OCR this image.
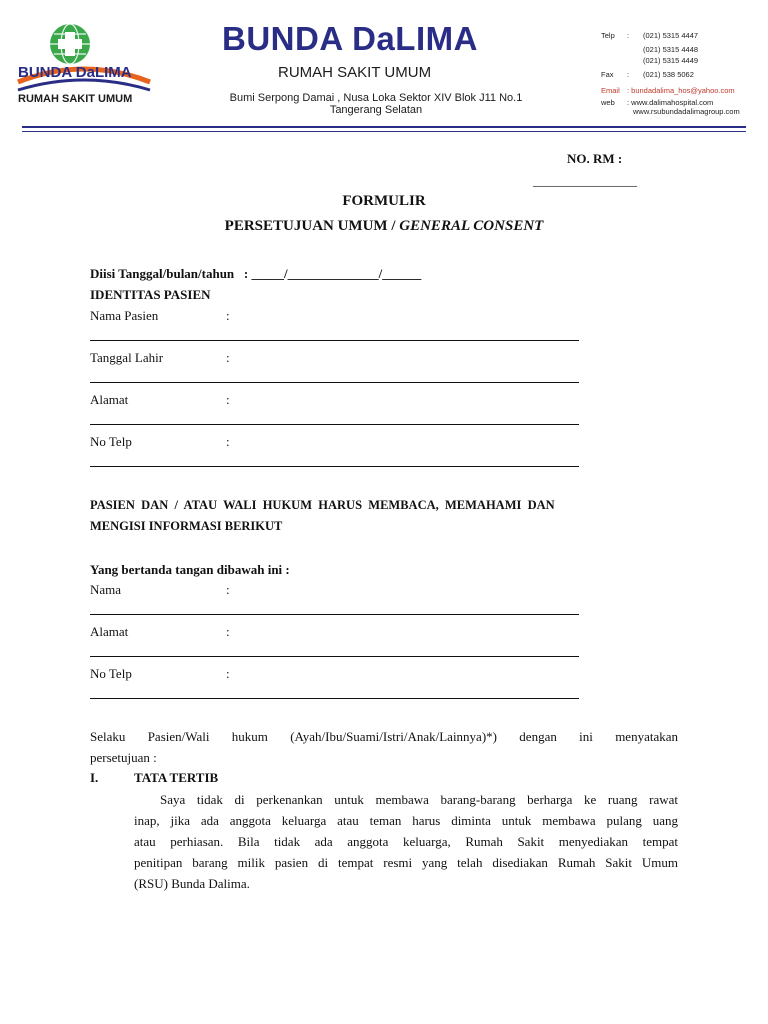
BUNDA DaLIMA
RUMAH SAKIT UMUM
BUNDA DaLIMA
RUMAH SAKIT UMUM
Bumi Serpong Damai , Nusa Loka Sektor XIV Blok J11 No.1
Tangerang Selatan
Telp : (021) 5315 4447
(021) 5315 4448
(021) 5315 4449
Fax : (021) 538 5062
Email : bundadalima_hos@yahoo.com
web : www.dalimahospital.com
www.rsubundadalimagroup.com
NO. RM :
________________
FORMULIR
PERSETUJUAN UMUM / GENERAL CONSENT
Diisi Tanggal/bulan/tahun   : _____/______________/______
IDENTITAS PASIEN
Nama Pasien	:
Tanggal Lahir	:
Alamat	:
No Telp	:
PASIEN  DAN  /  ATAU  WALI  HUKUM  HARUS  MEMBACA,  MEMAHAMI  DAN
MENGISI INFORMASI BERIKUT
Yang bertanda tangan dibawah ini :
Nama	:
Alamat	:
No Telp	:
Selaku Pasien/Wali hukum (Ayah/Ibu/Suami/Istri/Anak/Lainnya)*) dengan ini menyatakan
persetujuan :
I.	TATA TERTIB
Saya tidak di perkenankan untuk membawa barang-barang berharga ke ruang rawat
inap, jika ada anggota keluarga atau teman harus diminta untuk membawa pulang uang
atau perhiasan. Bila tidak ada anggota keluarga, Rumah Sakit menyediakan tempat
penitipan barang milik pasien di tempat resmi yang telah disediakan Rumah Sakit Umum
(RSU) Bunda Dalima.
